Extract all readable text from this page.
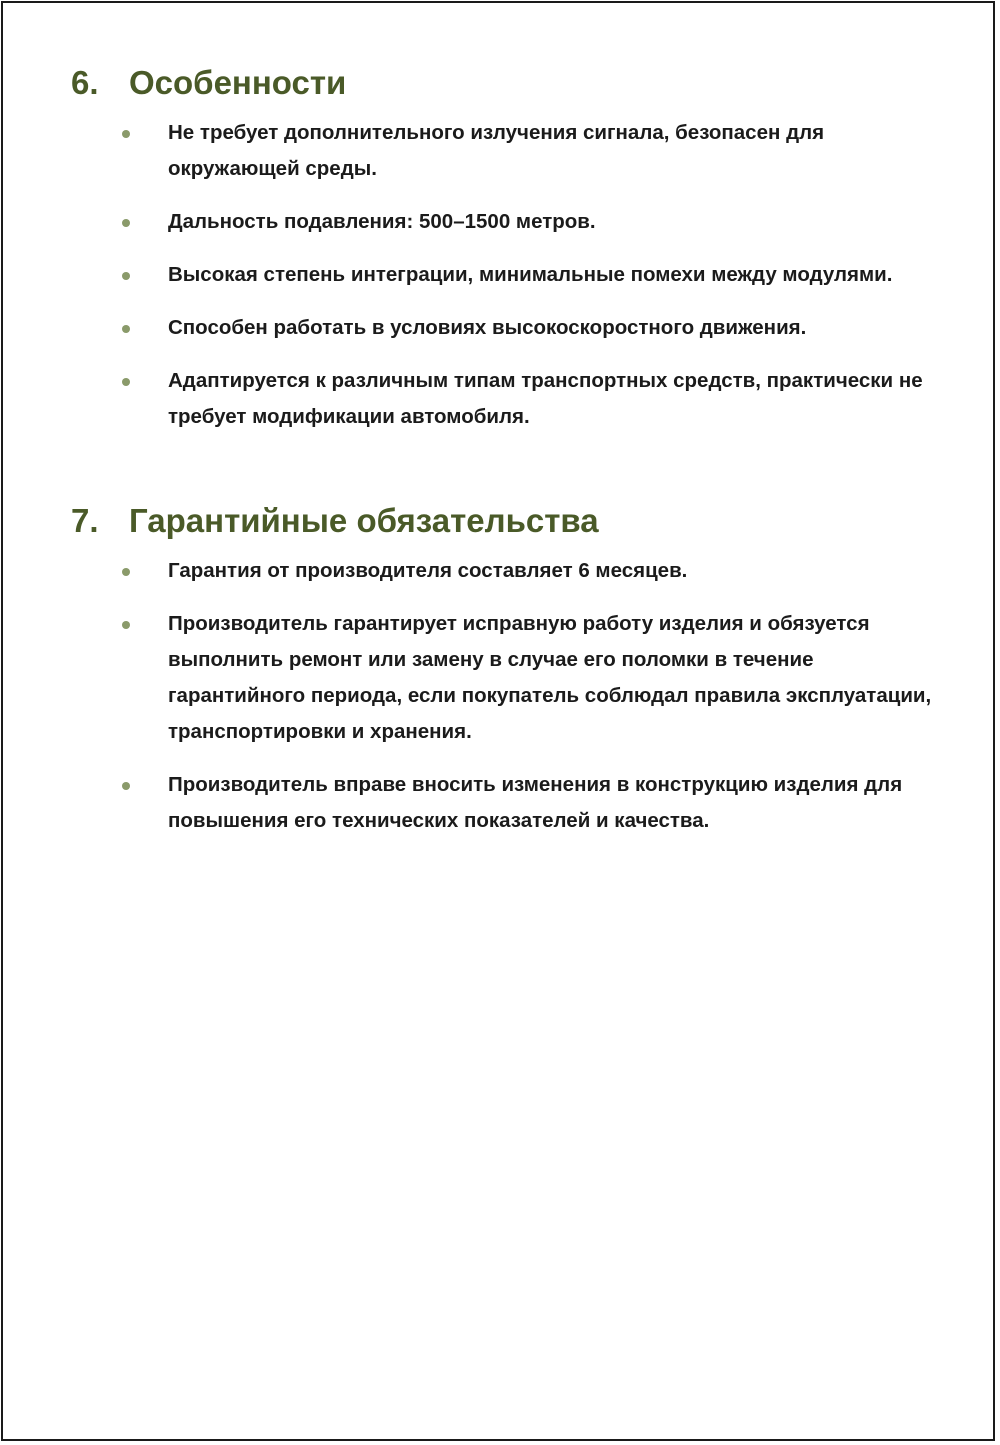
6. Особенности
Не требует дополнительного излучения сигнала, безопасен для окружающей среды.
Дальность подавления: 500–1500 метров.
Высокая степень интеграции, минимальные помехи между модулями.
Способен работать в условиях высокоскоростного движения.
Адаптируется к различным типам транспортных средств, практически не требует модификации автомобиля.
7. Гарантийные обязательства
Гарантия от производителя составляет 6 месяцев.
Производитель гарантирует исправную работу изделия и обязуется выполнить ремонт или замену в случае его поломки в течение гарантийного периода, если покупатель соблюдал правила эксплуатации, транспортировки и хранения.
Производитель вправе вносить изменения в конструкцию изделия для повышения его технических показателей и качества.
